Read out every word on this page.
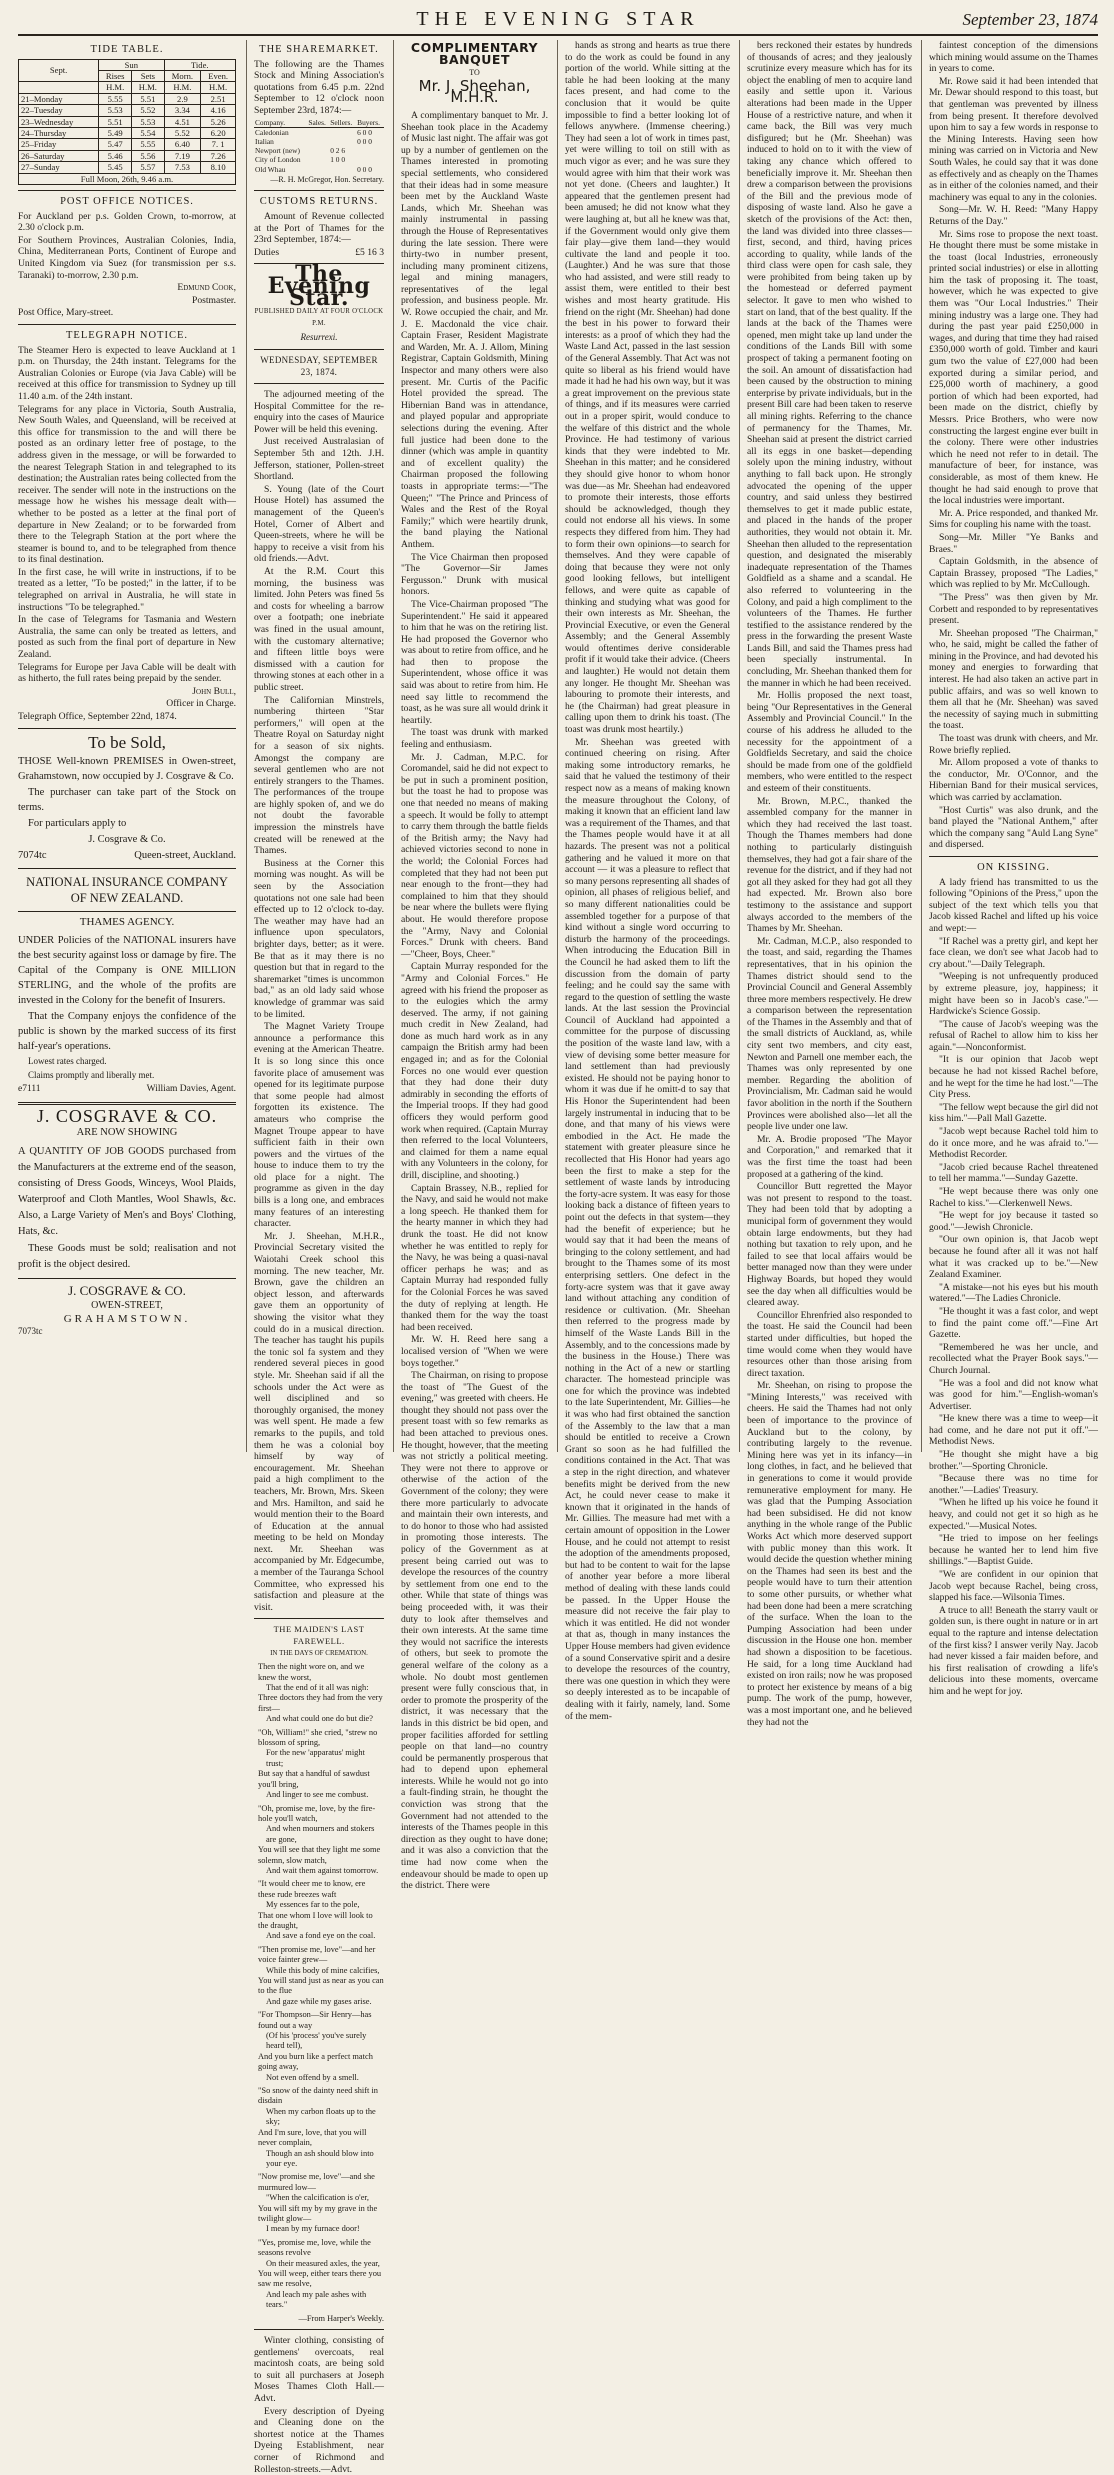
THE EVENING STAR	September 23, 1874
TIDE TABLE.
Sept.	Sun		Tide.	
	Rises	Sets	Morn.	Even.
	H.M.	H.M.	H.M.	H.M.
21–Monday	5.55	5.51	2.9	2.51
22–Tuesday	5.53	5.52	3.34	4.16
23–Wednesday	5.51	5.53	4.51	5.26
24–Thursday	5.49	5.54	5.52	6.20
25–Friday	5.47	5.55	6.40	7. 1
26–Saturday	5.46	5.56	7.19	7.26
27–Sunday	5.45	5.57	7.53	8.10
Full Moon, 26th, 9.46 a.m.				
POST OFFICE NOTICES.

For Auckland per p.s. Golden Crown, to-morrow, at 2.30 o'clock p.m.

For Southern Provinces, Australian Colonies, India, China, Mediterranean Ports, Continent of Europe and United Kingdom via Suez (for transmission per s.s. Taranaki) to-morrow, 2.30 p.m.

Edmund Cook,

Postmaster.

Post Office, Mary-street.

TELEGRAPH NOTICE.

The Steamer Hero is expected to leave Auckland at 1 p.m. on Thursday, the 24th instant. Telegrams for the Australian Colonies or Europe (via Java Cable) will be received at this office for transmission to Sydney up till 11.40 a.m. of the 24th instant.

Telegrams for any place in Victoria, South Australia, New South Wales, and Queensland, will be received at this office for transmission to the and will there be posted as an ordinary letter free of postage, to the address given in the message, or will be forwarded to the nearest Telegraph Station in and telegraphed to its destination; the Australian rates being collected from the receiver. The sender will note in the instructions on the message how he wishes his message dealt with—whether to be posted as a letter at the final port of departure in New Zealand; or to be forwarded from there to the Telegraph Station at the port where the steamer is bound to, and to be telegraphed from thence to its final destination.

In the first case, he will write in instructions, if to be treated as a letter, "To be posted;" in the latter, if to be telegraphed on arrival in Australia, he will state in instructions "To be telegraphed."

In the case of Telegrams for Tasmania and Western Australia, the same can only be treated as letters, and posted as such from the final port of departure in New Zealand.

Telegrams for Europe per Java Cable will be dealt with as hitherto, the full rates being prepaid by the sender.

John Bull,

Officer in Charge.

Telegraph Office, September 22nd, 1874.

To be Sold,

THOSE Well-known PREMISES in Owen-street, Grahamstown, now occupied by J. Cosgrave & Co.

The purchaser can take part of the Stock on terms.

For particulars apply to

J. Cosgrave & Co.

7074tc	Queen-street, Auckland.

NATIONAL INSURANCE COMPANY OF NEW ZEALAND.
THAMES AGENCY.

UNDER Policies of the NATIONAL insurers have the best security against loss or damage by fire. The Capital of the Company is ONE MILLION STERLING, and the whole of the profits are invested in the Colony for the benefit of Insurers.

That the Company enjoys the confidence of the public is shown by the marked success of its first half-year's operations.

Lowest rates charged.

Claims promptly and liberally met.

e7111	William Davies, Agent.

J. COSGRAVE & CO.
ARE NOW SHOWING

A QUANTITY OF JOB GOODS purchased from the Manufacturers at the extreme end of the season, consisting of Dress Goods, Winceys, Wool Plaids, Waterproof and Cloth Mantles, Wool Shawls, &c. Also, a Large Variety of Men's and Boys' Clothing, Hats, &c.

These Goods must be sold; realisation and not profit is the object desired.

J. COSGRAVE & CO.
OWEN-STREET,
GRAHAMSTOWN.
7073tc
THE SHAREMARKET.

The following are the Thames Stock and Mining Association's quotations from 6.45 p.m. 22nd September to 12 o'clock noon September 23rd, 1874:—

Company.	Sales.	Sellers.	Buyers.
Caledonian			6 0 0
Italian			0 0 0
Newport (new)		0 2 6	
City of London		1 0 0	
Old Whau			0 0 0

—R. H. McGregor, Hon. Secretary.

CUSTOMS RETURNS.

Amount of Revenue collected at the Port of Thames for the 23rd September, 1874:—

Duties	£5 16 3

The Evening Star.
PUBLISHED DAILY AT FOUR O'CLOCK P.M.
Resurrexi.
WEDNESDAY, SEPTEMBER 23, 1874.

The adjourned meeting of the Hospital Committee for the re-enquiry into the cases of Maurice Power will be held this evening.

Just received Australasian of September 5th and 12th. J.H. Jefferson, stationer, Pollen-street Shortland.

S. Young (late of the Court House Hotel) has assumed the management of the Queen's Hotel, Corner of Albert and Queen-streets, where he will be happy to receive a visit from his old friends.—Advt.

At the R.M. Court this morning, the business was limited. John Peters was fined 5s and costs for wheeling a barrow over a footpath; one inebriate was fined in the usual amount, with the customary alternative; and fifteen little boys were dismissed with a caution for throwing stones at each other in a public street.

The Californian Minstrels, numbering thirteen "Star performers," will open at the Theatre Royal on Saturday night for a season of six nights. Amongst the company are several gentlemen who are not entirely strangers to the Thames. The performances of the troupe are highly spoken of, and we do not doubt the favorable impression the minstrels have created will be renewed at the Thames.

Business at the Corner this morning was nought. As will be seen by the Association quotations not one sale had been effected up to 12 o'clock to-day. The weather may have had an influence upon speculators, brighter days, better; as it were. Be that as it may there is no question but that in regard to the sharemarket "times is uncommon bad," as an old lady said whose knowledge of grammar was said to be limited.

The Magnet Variety Troupe announce a performance this evening at the American Theatre. It is so long since this once favorite place of amusement was opened for its legitimate purpose that some people had almost forgotten its existence. The amateurs who comprise the Magnet Troupe appear to have sufficient faith in their own powers and the virtues of the house to induce them to try the old place for a night. The programme as given in the day bills is a long one, and embraces many features of an interesting character.

Mr. J. Sheehan, M.H.R., Provincial Secretary visited the Waiotahi Creek school this morning. The new teacher, Mr. Brown, gave the children an object lesson, and afterwards gave them an opportunity of showing the visitor what they could do in a musical direction. The teacher has taught his pupils the tonic sol fa system and they rendered several pieces in good style. Mr. Sheehan said if all the schools under the Act were as well disciplined and so thoroughly organised, the money was well spent. He made a few remarks to the pupils, and told them he was a colonial boy himself by way of encouragement. Mr. Sheehan paid a high compliment to the teachers, Mr. Brown, Mrs. Skeen and Mrs. Hamilton, and said he would mention their to the Board of Education at the annual meeting to be held on Monday next. Mr. Sheehan was accompanied by Mr. Edgecumbe, a member of the Tauranga School Committee, who expressed his satisfaction and pleasure at the visit.

THE MAIDEN'S LAST FAREWELL.
IN THE DAYS OF CREMATION.
Then the night wore on, and we knew the worst,
That the end of it all was nigh:
Three doctors they had from the very first—
And what could one do but die?
"Oh, William!" she cried, "strew no blossom of spring,
For the new 'apparatus' might trust;
But say that a handful of sawdust you'll bring,
And linger to see me combust.
"Oh, promise me, love, by the fire-hole you'll watch,
And when mourners and stokers are gone,
You will see that they light me some solemn, slow match,
And wait them against tomorrow.
"It would cheer me to know, ere these rude breezes waft
My essences far to the pole,
That one whom I love will look to the draught,
And save a fond eye on the coal.
"Then promise me, love"—and her voice fainter grew—
While this body of mine calcifies,
You will stand just as near as you can to the flue
And gaze while my gases arise.
"For Thompson—Sir Henry—has found out a way
(Of his 'process' you've surely heard tell),
And you burn like a perfect match going away,
Not even offend by a smell.
"So snow of the dainty need shift in disdain
When my carbon floats up to the sky;
And I'm sure, love, that you will never complain,
Though an ash should blow into your eye.
"Now promise me, love"—and she murmured low—
"When the calcification is o'er,
You will sift my by my grave in the twilight glow—
I mean by my furnace door!
"Yes, promise me, love, while the seasons revolve
On their measured axles, the year,
You will weep, either tears there you saw me resolve,
And leach my pale ashes with tears."
—From Harper's Weekly.

Winter clothing, consisting of gentlemens' overcoats, real macintosh coats, are being sold to suit all purchasers at Joseph Moses Thames Cloth Hall.—Advt.

Every description of Dyeing and Cleaning done on the shortest notice at the Thames Dyeing Establishment, near corner of Richmond and Rolleston-streets.—Advt.

COMPLIMENTARY BANQUET
TO
Mr. J. Sheehan, M.H.R.

A complimentary banquet to Mr. J. Sheehan took place in the Academy of Music last night. The affair was got up by a number of gentlemen on the Thames interested in promoting special settlements, who considered that their ideas had in some measure been met by the Auckland Waste Lands, which Mr. Sheehan was mainly instrumental in passing through the House of Representatives during the late session. There were thirty-two in number present, including many prominent citizens, legal and mining managers, representatives of the legal profession, and business people. Mr. W. Rowe occupied the chair, and Mr. J. E. Macdonald the vice chair. Captain Fraser, Resident Magistrate and Warden, Mr. A. J. Allom, Mining Registrar, Captain Goldsmith, Mining Inspector and many others were also present. Mr. Curtis of the Pacific Hotel provided the spread. The Hibernian Band was in attendance, and played popular and appropriate selections during the evening. After full justice had been done to the dinner (which was ample in quantity and of excellent quality) the Chairman proposed the following toasts in appropriate terms:—"The Queen;" "The Prince and Princess of Wales and the Rest of the Royal Family;" which were heartily drunk, the band playing the National Anthem.

The Vice Chairman then proposed "The Governor—Sir James Fergusson." Drunk with musical honors.

The Vice-Chairman proposed "The Superintendent." He said it appeared to him that he was on the retiring list. He had proposed the Governor who was about to retire from office, and he had then to propose the Superintendent, whose office it was said was about to retire from him. He need say little to recommend the toast, as he was sure all would drink it heartily.

The toast was drunk with marked feeling and enthusiasm.

Mr. J. Cadman, M.P.C. for Coromandel, said he did not expect to be put in such a prominent position, but the toast he had to propose was one that needed no means of making a speech. It would be folly to attempt to carry them through the battle fields of the British army; the Navy had achieved victories second to none in the world; the Colonial Forces had completed that they had not been put near enough to the front—they had complained to him that they should be near where the bullets were flying about. He would therefore propose the "Army, Navy and Colonial Forces." Drunk with cheers. Band—"Cheer, Boys, Cheer."

Captain Murray responded for the "Army and Colonial Forces." He agreed with his friend the proposer as to the eulogies which the army deserved. The army, if not gaining much credit in New Zealand, had done as much hard work as in any campaign the British army had been engaged in; and as for the Colonial Forces no one would ever question that they had done their duty admirably in seconding the efforts of the Imperial troops. If they had good officers they would perform good work when required. (Captain Murray then referred to the local Volunteers, and claimed for them a name equal with any Volunteers in the colony, for drill, discipline, and shooting.)

Captain Brassey, N.B., replied for the Navy, and said he would not make a long speech. He thanked them for the hearty manner in which they had drunk the toast. He did not know whether he was entitled to reply for the Navy, he was being a quasi-naval officer perhaps he was; and as Captain Murray had responded fully for the Colonial Forces he was saved the duty of replying at length. He thanked them for the way the toast had been received.

Mr. W. H. Reed here sang a localised version of "When we were boys together."

The Chairman, on rising to propose the toast of "The Guest of the evening," was greeted with cheers. He thought they should not pass over the present toast with so few remarks as had been attached to previous ones. He thought, however, that the meeting was not strictly a political meeting. They were not there to approve or otherwise of the action of the Government of the colony; they were there more particularly to advocate and maintain their own interests, and to do honor to those who had assisted in promoting those interests. The policy of the Government as at present being carried out was to develope the resources of the country by settlement from one end to the other. While that state of things was being proceeded with, it was their duty to look after themselves and their own interests. At the same time they would not sacrifice the interests of others, but seek to promote the general welfare of the colony as a whole. No doubt most gentlemen present were fully conscious that, in order to promote the prosperity of the district, it was necessary that the lands in this district be bid open, and proper facilities afforded for settling people on that land—no country could be permanently prosperous that had to depend upon ephemeral interests. While he would not go into a fault-finding strain, he thought the conviction was strong that the Government had not attended to the interests of the Thames people in this direction as they ought to have done; and it was also a conviction that the time had now come when the endeavour should be made to open up the district. There were

hands as strong and hearts as true there to do the work as could be found in any portion of the world. While sitting at the table he had been looking at the many faces present, and had come to the conclusion that it would be quite impossible to find a better looking lot of fellows anywhere. (Immense cheering.) They had seen a lot of work in times past, yet were willing to toil on still with as much vigor as ever; and he was sure they would agree with him that their work was not yet done. (Cheers and laughter.) It appeared that the gentlemen present had been amused; he did not know what they were laughing at, but all he knew was that, if the Government would only give them fair play—give them land—they would cultivate the land and people it too. (Laughter.) And he was sure that those who had assisted, and were still ready to assist them, were entitled to their best wishes and most hearty gratitude. His friend on the right (Mr. Sheehan) had done the best in his power to forward their interests: as a proof of which they had the Waste Land Act, passed in the last session of the General Assembly. That Act was not quite so liberal as his friend would have made it had he had his own way, but it was a great improvement on the previous state of things, and if its measures were carried out in a proper spirit, would conduce to the welfare of this district and the whole Province. He had testimony of various kinds that they were indebted to Mr. Sheehan in this matter; and he considered they should give honor to whom honor was due—as Mr. Sheehan had endeavored to promote their interests, those efforts should be acknowledged, though they could not endorse all his views. In some respects they differed from him. They had to form their own opinions—to search for themselves. And they were capable of doing that because they were not only good looking fellows, but intelligent fellows, and were quite as capable of thinking and studying what was good for their own interests as Mr. Sheehan, the Provincial Executive, or even the General Assembly; and the General Assembly would oftentimes derive considerable profit if it would take their advice. (Cheers and laughter.) He would not detain them any longer. He thought Mr. Sheehan was labouring to promote their interests, and he (the Chairman) had great pleasure in calling upon them to drink his toast. (The toast was drunk most heartily.)

Mr. Sheehan was greeted with continued cheering on rising. After making some introductory remarks, he said that he valued the testimony of their respect now as a means of making known the measure throughout the Colony, of making it known that an efficient land law was a requirement of the Thames, and that the Thames people would have it at all hazards. The present was not a political gathering and he valued it more on that account — it was a pleasure to reflect that so many persons representing all shades of opinion, all phases of religious belief, and so many different nationalities could be assembled together for a purpose of that kind without a single word occurring to disturb the harmony of the proceedings. When introducing the Education Bill in the Council he had asked them to lift the discussion from the domain of party feeling; and he could say the same with regard to the question of settling the waste lands. At the last session the Provincial Council of Auckland had appointed a committee for the purpose of discussing the position of the waste land law, with a view of devising some better measure for land settlement than had previously existed. He should not be paying honor to whom it was due if he omitt-d to say that His Honor the Superintendent had been largely instrumental in inducing that to be done, and that many of his views were embodied in the Act. He made the statement with greater pleasure since he recollected that His Honor had years ago been the first to make a step for the settlement of waste lands by introducing the forty-acre system. It was easy for those looking back a distance of fifteen years to point out the defects in that system—they had the benefit of experience; but he would say that it had been the means of bringing to the colony settlement, and had brought to the Thames some of its most enterprising settlers. One defect in the forty-acre system was that it gave away land without attaching any condition of residence or cultivation. (Mr. Sheehan then referred to the progress made by himself of the Waste Lands Bill in the Assembly, and to the concessions made by the business in the House.) There was nothing in the Act of a new or startling character. The homestead principle was one for which the province was indebted to the late Superintendent, Mr. Gillies—he it was who had first obtained the sanction of the Assembly to the law that a man should be entitled to receive a Crown Grant so soon as he had fulfilled the conditions contained in the Act. That was a step in the right direction, and whatever benefits might be derived from the new Act, he could never cease to make it known that it originated in the hands of Mr. Gillies. The measure had met with a certain amount of opposition in the Lower House, and he could not attempt to resist the adoption of the amendments proposed, but had to be content to wait for the lapse of another year before a more liberal method of dealing with these lands could be passed. In the Upper House the measure did not receive the fair play to which it was entitled. He did not wonder at that as, though in many instances the Upper House members had given evidence of a sound Conservative spirit and a desire to develope the resources of the country, there was one question in which they were so deeply interested as to be incapable of dealing with it fairly, namely, land. Some of the mem-

bers reckoned their estates by hundreds of thousands of acres; and they jealously scrutinize every measure which has for its object the enabling of men to acquire land easily and settle upon it. Various alterations had been made in the Upper House of a restrictive nature, and when it came back, the Bill was very much disfigured; but he (Mr. Sheehan) was induced to hold on to it with the view of taking any chance which offered to beneficially improve it. Mr. Sheehan then drew a comparison between the provisions of the Bill and the previous mode of disposing of waste land. Also he gave a sketch of the provisions of the Act: then, the land was divided into three classes—first, second, and third, having prices according to quality, while lands of the third class were open for cash sale, they were prohibited from being taken up by the homestead or deferred payment selector. It gave to men who wished to start on land, that of the best quality. If the lands at the back of the Thames were opened, men might take up land under the conditions of the Lands Bill with some prospect of taking a permanent footing on the soil. An amount of dissatisfaction had been caused by the obstruction to mining enterprise by private individuals, but in the present Bill care had been taken to reserve all mining rights. Referring to the chance of permanency for the Thames, Mr. Sheehan said at present the district carried all its eggs in one basket—depending solely upon the mining industry, without anything to fall back upon. He strongly advocated the opening of the upper country, and said unless they bestirred themselves to get it made public estate, and placed in the hands of the proper authorities, they would not obtain it. Mr. Sheehan then alluded to the representation question, and designated the miserably inadequate representation of the Thames Goldfield as a shame and a scandal. He also referred to volunteering in the Colony, and paid a high compliment to the volunteers of the Thames. He further testified to the assistance rendered by the press in the forwarding the present Waste Lands Bill, and said the Thames press had been specially instrumental. In concluding, Mr. Sheehan thanked them for the manner in which he had been received.

Mr. Hollis proposed the next toast, being "Our Representatives in the General Assembly and Provincial Council." In the course of his address he alluded to the necessity for the appointment of a Goldfields Secretary, and said the choice should be made from one of the goldfield members, who were entitled to the respect and esteem of their constituents.

Mr. Brown, M.P.C., thanked the assembled company for the manner in which they had received the last toast. Though the Thames members had done nothing to particularly distinguish themselves, they had got a fair share of the revenue for the district, and if they had not got all they asked for they had got all they had expected. Mr. Brown also bore testimony to the assistance and support always accorded to the members of the Thames by Mr. Sheehan.

Mr. Cadman, M.C.P., also responded to the toast, and said, regarding the Thames representatives, that in his opinion the Thames district should send to the Provincial Council and General Assembly three more members respectively. He drew a comparison between the representation of the Thames in the Assembly and that of the small districts of Auckland, as, while city sent two members, and city east, Newton and Parnell one member each, the Thames was only represented by one member. Regarding the abolition of Provincialism, Mr. Cadman said he would favor abolition in the north if the Southern Provinces were abolished also—let all the people live under one law.

Mr. A. Brodie proposed "The Mayor and Corporation," and remarked that it was the first time the toast had been proposed at a gathering of the kind.

Councillor Butt regretted the Mayor was not present to respond to the toast. They had been told that by adopting a municipal form of government they would obtain large endowments, but they had nothing but taxation to rely upon, and he failed to see that local affairs would be better managed now than they were under Highway Boards, but hoped they would see the day when all difficulties would be cleared away.

Councillor Ehrenfried also responded to the toast. He said the Council had been started under difficulties, but hoped the time would come when they would have resources other than those arising from direct taxation.

Mr. Sheehan, on rising to propose the "Mining Interests," was received with cheers. He said the Thames had not only been of importance to the province of Auckland but to the colony, by contributing largely to the revenue. Mining here was yet in its infancy—in long clothes, in fact, and he believed that in generations to come it would provide remunerative employment for many. He was glad that the Pumping Association had been subsidised. He did not know anything in the whole range of the Public Works Act which more deserved support with public money than this work. It would decide the question whether mining on the Thames had seen its best and the people would have to turn their attention to some other pursuits, or whether what had been done had been a mere scratching of the surface. When the loan to the Pumping Association had been under discussion in the House one hon. member had shown a disposition to be facetious. He said, for a long time Auckland had existed on iron rails; now he was proposed to protect her existence by means of a big pump. The work of the pump, however, was a most important one, and he believed they had not the

faintest conception of the dimensions which mining would assume on the Thames in years to come.

Mr. Rowe said it had been intended that Mr. Dewar should respond to this toast, but that gentleman was prevented by illness from being present. It therefore devolved upon him to say a few words in response to the Mining Interests. Having seen how mining was carried on in Victoria and New South Wales, he could say that it was done as effectively and as cheaply on the Thames as in either of the colonies named, and their machinery was equal to any in the colonies.

Song—Mr. W. H. Reed: "Many Happy Returns of the Day."

Mr. Sims rose to propose the next toast. He thought there must be some mistake in the toast (local Industries, erroneously printed social industries) or else in allotting him the task of proposing it. The toast, however, which he was expected to give them was "Our Local Industries." Their mining industry was a large one. They had during the past year paid £250,000 in wages, and during that time they had raised £350,000 worth of gold. Timber and kauri gum two the value of £27,000 had been exported during a similar period, and £25,000 worth of machinery, a good portion of which had been exported, had been made on the district, chiefly by Messrs. Price Brothers, who were now constructing the largest engine ever built in the colony. There were other industries which he need not refer to in detail. The manufacture of beer, for instance, was considerable, as most of them knew. He thought he had said enough to prove that the local industries were important.

Mr. A. Price responded, and thanked Mr. Sims for coupling his name with the toast.

Song—Mr. Miller "Ye Banks and Braes."

Captain Goldsmith, in the absence of Captain Brassey, proposed "The Ladies," which was replied to by Mr. McCullough.

"The Press" was then given by Mr. Corbett and responded to by representatives present.

Mr. Sheehan proposed "The Chairman," who, he said, might be called the father of mining in the Province, and had devoted his money and energies to forwarding that interest. He had also taken an active part in public affairs, and was so well known to them all that he (Mr. Sheehan) was saved the necessity of saying much in submitting the toast.

The toast was drunk with cheers, and Mr. Rowe briefly replied.

Mr. Allom proposed a vote of thanks to the conductor, Mr. O'Connor, and the Hibernian Band for their musical services, which was carried by acclamation.

"Host Curtis" was also drunk, and the band played the "National Anthem," after which the company sang "Auld Lang Syne" and dispersed.

ON KISSING.

A lady friend has transmitted to us the following "Opinions of the Press," upon the subject of the text which tells you that Jacob kissed Rachel and lifted up his voice and wept:—

"If Rachel was a pretty girl, and kept her face clean, we don't see what Jacob had to cry about."—Daily Telegraph.

"Weeping is not unfrequently produced by extreme pleasure, joy, happiness; it might have been so in Jacob's case."—Hardwicke's Science Gossip.

"The cause of Jacob's weeping was the refusal of Rachel to allow him to kiss her again."—Nonconformist.

"It is our opinion that Jacob wept because he had not kissed Rachel before, and he wept for the time he had lost."—The City Press.

"The fellow wept because the girl did not kiss him."—Pall Mall Gazette.

"Jacob wept because Rachel told him to do it once more, and he was afraid to."—Methodist Recorder.

"Jacob cried because Rachel threatened to tell her mamma."—Sunday Gazette.

"He wept because there was only one Rachel to kiss."—Clerkenwell News.

"He wept for joy because it tasted so good."—Jewish Chronicle.

"Our own opinion is, that Jacob wept because he found after all it was not half what it was cracked up to be."—New Zealand Examiner.

"A mistake—not his eyes but his mouth watered."—The Ladies Chronicle.

"He thought it was a fast color, and wept to find the paint come off."—Fine Art Gazette.

"Remembered he was her uncle, and recollected what the Prayer Book says."—Church Journal.

"He was a fool and did not know what was good for him."—English-woman's Advertiser.

"He knew there was a time to weep—it had come, and he dare not put it off."—Methodist News.

"He thought she might have a big brother."—Sporting Chronicle.

"Because there was no time for another."—Ladies' Treasury.

"When he lifted up his voice he found it heavy, and could not get it so high as he expected."—Musical Notes.

"He tried to impose on her feelings because he wanted her to lend him five shillings."—Baptist Guide.

"We are confident in our opinion that Jacob wept because Rachel, being cross, slapped his face.—Wilsonia Times.

A truce to all! Beneath the starry vault or golden sun, is there ought in nature or in art equal to the rapture and intense delectation of the first kiss? I answer verily Nay. Jacob had never kissed a fair maiden before, and his first realisation of crowding a life's delicious into these moments, overcame him and he wept for joy.
